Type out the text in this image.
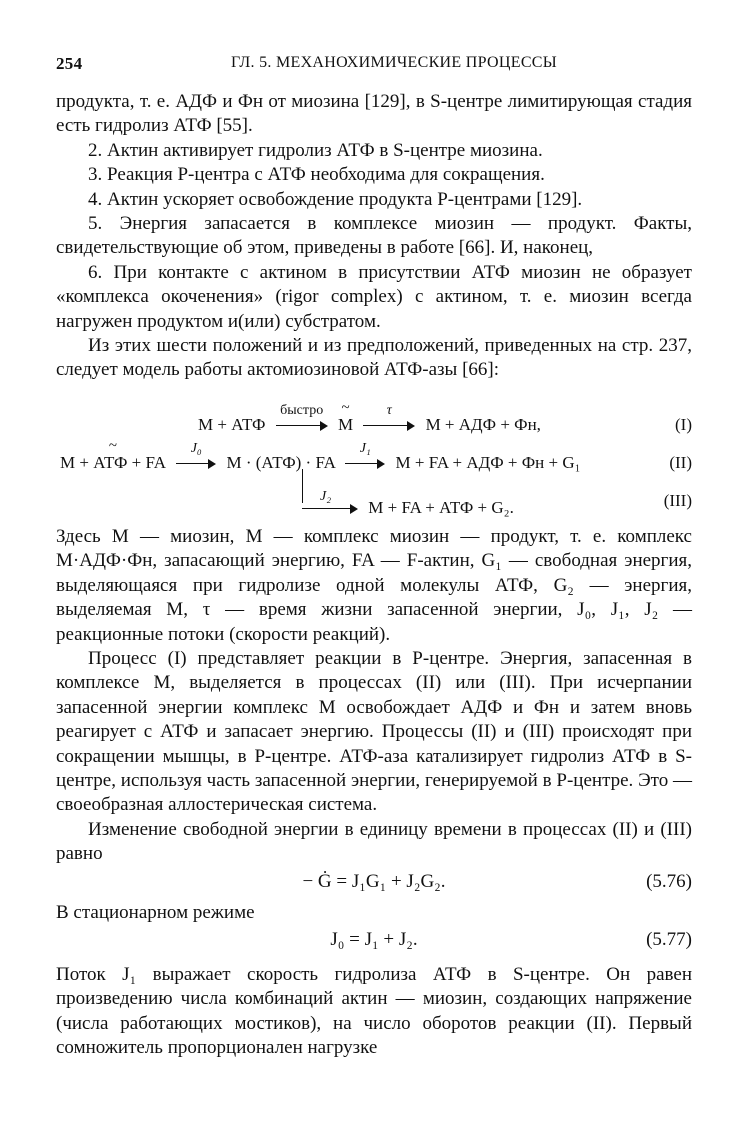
254	ГЛ. 5. МЕХАНОХИМИЧЕСКИЕ ПРОЦЕССЫ

продукта, т. е. АДФ и Фн от миозина [129], в S-центре лимитирующая стадия есть гидролиз АТФ [55].

2. Актин активирует гидролиз АТФ в S-центре миозина.

3. Реакция Р-центра с АТФ необходима для сокращения.

4. Актин ускоряет освобождение продукта Р-центрами [129].

5. Энергия запасается в комплексе миозин — продукт. Факты, свидетельствующие об этом, приведены в работе [66]. И, наконец,

6. При контакте с актином в присутствии АТФ миозин не образует «комплекса окоченения» (rigor complex) с актином, т. е. миозин всегда нагружен продуктом и(или) субстратом.

Из этих шести положений и из предположений, приведенных на стр. 237, следует модель работы актомиозиновой АТФ-азы [66]:

M + АТФ
быстро
~ M
τ
M + АДФ + Фн,	(I)
~ M + АТФ + FA
J₀
M · (АТФ) · FA
J₁
M + FA + АДФ + Фн + G₁	(II)
J₂
M + FA + АТФ + G₂.	(III)

Здесь M — миозин, M — комплекс миозин — продукт, т. е. комплекс M·АДФ·Фн, запасающий энергию, FA — F-актин, G₁ — свободная энергия, выделяющаяся при гидролизе одной молекулы АТФ, G₂ — энергия, выделяемая M, τ — время жизни запасенной энергии, J₀, J₁, J₂ — реакционные потоки (скорости реакций).

Процесс (I) представляет реакции в Р-центре. Энергия, запасенная в комплексе M, выделяется в процессах (II) или (III). При исчерпании запасенной энергии комплекс M освобождает АДФ и Фн и затем вновь реагирует с АТФ и запасает энергию. Процессы (II) и (III) происходят при сокращении мышцы, в Р-центре. АТФ-аза катализирует гидролиз АТФ в S-центре, используя часть запасенной энергии, генерируемой в Р-центре. Это — своеобразная аллостерическая система.

Изменение свободной энергии в единицу времени в процессах (II) и (III) равно

− Ġ = J₁G₁ + J₂G₂.	(5.76)

В стационарном режиме

J₀ = J₁ + J₂.	(5.77)

Поток J₁ выражает скорость гидролиза АТФ в S-центре. Он равен произведению числа комбинаций актин — миозин, создающих напряжение (числа работающих мостиков), на число оборотов реакции (II). Первый сомножитель пропорционален нагрузке
